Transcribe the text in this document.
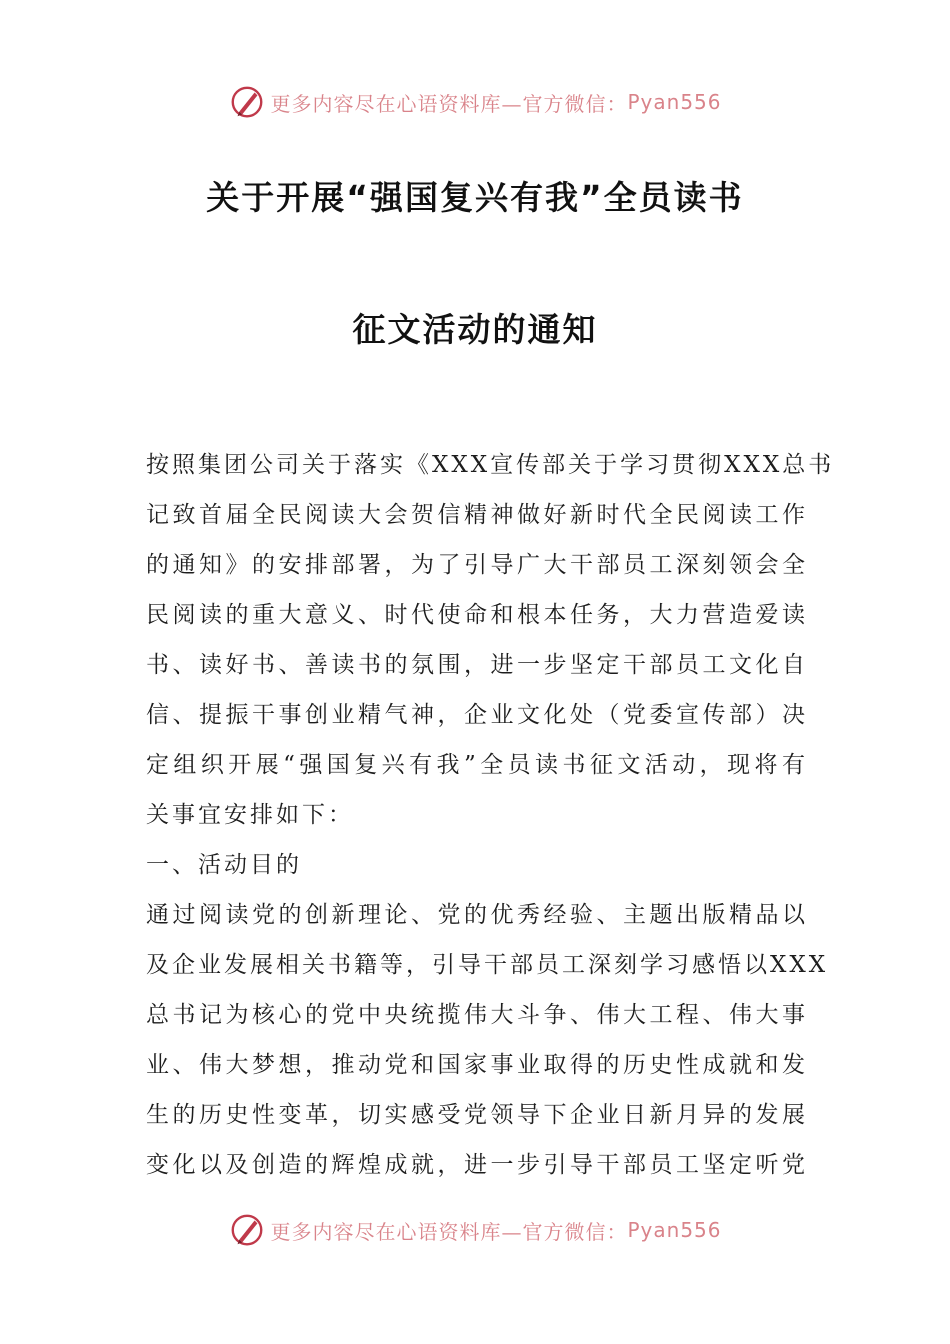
更多内容尽在心语资料库—官方微信： Pyan556
关于开展“强国复兴有我”全员读书
征文活动的通知

按照集团公司关于落实《XXX宣传部关于学习贯彻XXX总书
记致首届全民阅读大会贺信精神做好新时代全民阅读工作
的通知》的安排部署，为了引导广大干部员工深刻领会全
民阅读的重大意义、时代使命和根本任务，大力营造爱读
书、读好书、善读书的氛围，进一步坚定干部员工文化自
信、提振干事创业精气神，企业文化处（党委宣传部）决
定组织开展“强国复兴有我”全员读书征文活动，现将有
关事宜安排如下：

一、活动目的

通过阅读党的创新理论、党的优秀经验、主题出版精品以
及企业发展相关书籍等，引导干部员工深刻学习感悟以XXX
总书记为核心的党中央统揽伟大斗争、伟大工程、伟大事
业、伟大梦想，推动党和国家事业取得的历史性成就和发
生的历史性变革，切实感受党领导下企业日新月异的发展
变化以及创造的辉煌成就，进一步引导干部员工坚定听党

更多内容尽在心语资料库—官方微信： Pyan556
